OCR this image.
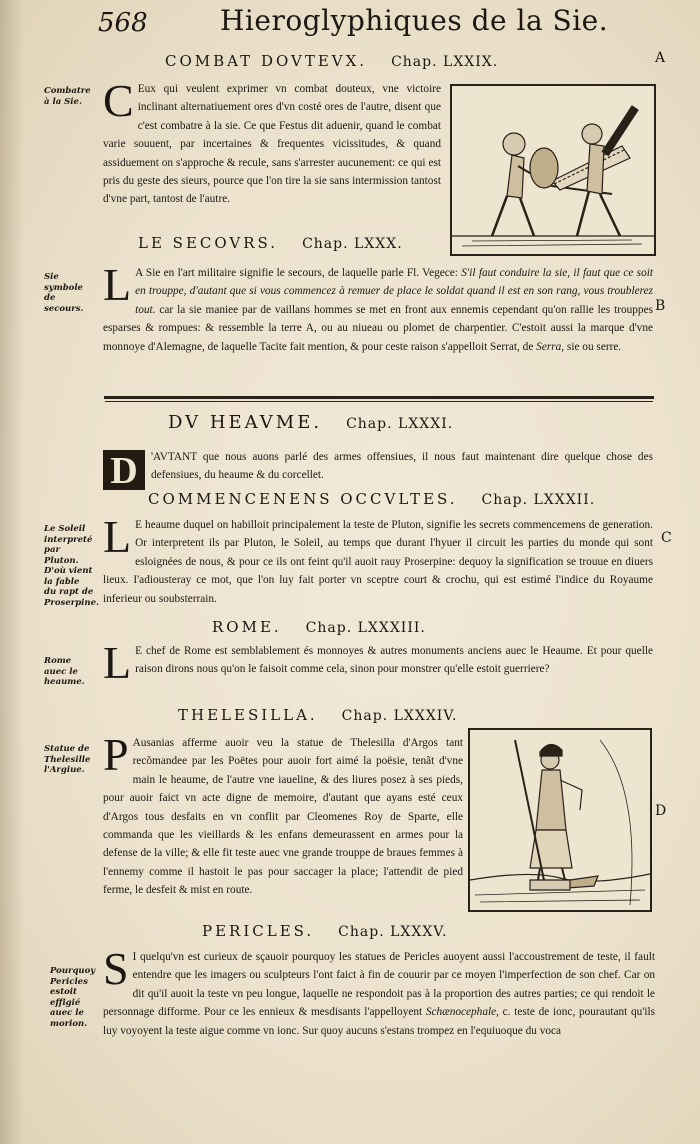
568	Hieroglyphiques de la Sie.
A
B
C
D
COMBAT DOVTEVX. Chap. LXXIX.
Combatre à la Sie. C Eux qui veulent exprimer vn combat douteux, vne victoire inclinant alternatiuement ores d'vn costé ores de l'autre, disent que c'est combatre à la sie. Ce que Festus dit aduenir, quand le combat varie souuent, par incertaines & frequentes vicissitudes, & quand assiduement on s'approche & recule, sans s'arrester aucunement: ce qui est pris du geste des sieurs, pource que l'on tire la sie sans intermission tantost d'vne part, tantost de l'autre.
LE SECOVRS. Chap. LXXX.
Sie symbole de secours. L A Sie en l'art militaire signifie le secours, de laquelle parle Fl. Vegece: S'il faut conduire la sie, il faut que ce soit en trouppe, d'autant que si vous commencez à remuer de place le soldat quand il est en son rang, vous troublerez tout. car la sie maniee par de vaillans hommes se met en front aux ennemis cependant qu'on rallie les trouppes esparses & rompues: & ressemble la terre A, ou au niueau ou plomet de charpentier. C'estoit aussi la marque d'vne monnoye d'Alemagne, de laquelle Tacite fait mention, & pour ceste raison s'appelloit Serrat, de Serra, sie ou serre.
DV HEAVME. Chap. LXXXI.
D	'AVTANT que nous auons parlé des armes offensiues, il nous faut maintenant dire quelque chose des defensiues, du heaume & du corcellet.
COMMENCENENS OCCVLTES. Chap. LXXXII.
Le Soleil interpreté par Pluton. D'où vient la fable du rapt de Proserpine.
L E heaume duquel on habilloit principalement la teste de Pluton, signifie les secrets commencemens de generation. Or interpretent ils par Pluton, le Soleil, au temps que durant l'hyuer il circuit les parties du monde qui sont esloignées de nous, & pour ce ils ont feint qu'il auoit rauy Proserpine: dequoy la signification se trouue en diuers lieux. I'adiousteray ce mot, que l'on luy fait porter vn sceptre court & crochu, qui est estimé l'indice du Royaume inferieur ou soubsterrain.
ROME. Chap. LXXXIII.
Rome auec le heaume. L E chef de Rome est semblablement és monnoyes & autres monuments anciens auec le Heaume. Et pour quelle raison dirons nous qu'on le faisoit comme cela, sinon pour monstrer qu'elle estoit guerriere?
THELESILLA. Chap. LXXXIV.
Statue de Thelesille l'Argiue. P Ausanias afferme auoir veu la statue de Thelesilla d'Argos tant recõmandee par les Poëtes pour auoir fort aimé la poësie, tenãt d'vne main le heaume, de l'autre vne iaueline, & des liures posez à ses pieds, pour auoir faict vn acte digne de memoire, d'autant que ayans esté ceux d'Argos tous desfaits en vn conflit par Cleomenes Roy de Sparte, elle commanda que les vieillards & les enfans demeurassent en armes pour la defense de la ville; & elle fit teste auec vne grande trouppe de braues femmes à l'ennemy comme il hastoit le pas pour saccager la place; l'attendit de pied ferme, le desfeit & mist en route.
PERICLES. Chap. LXXXV.
Pourquoy Pericles estoit effigié auec le morion.
S I quelqu'vn est curieux de sçauoir pourquoy les statues de Pericles auoyent aussi l'accoustrement de teste, il fault entendre que les imagers ou sculpteurs l'ont faict à fin de couurir par ce moyen l'imperfection de son chef. Car on dit qu'il auoit la teste vn peu longue, laquelle ne respondoit pas à la proportion des autres parties; ce qui rendoit le personnage difforme. Pour ce les ennieux & mesdisants l'appelloyent Schænocephale, c. teste de ionc, pourautant qu'ils luy voyoyent la teste aigue comme vn ionc. Sur quoy aucuns s'estans trompez en l'equiuoque du voca
